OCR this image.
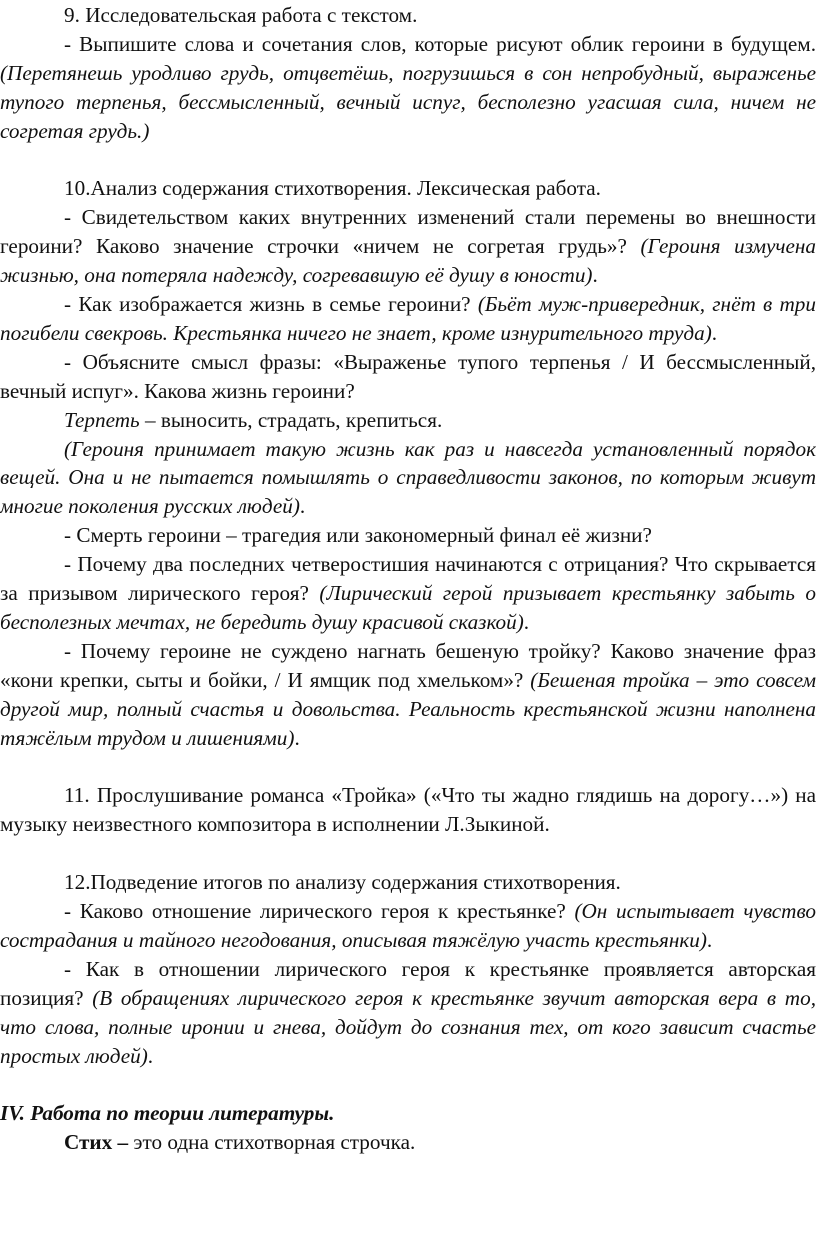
9. Исследовательская работа с текстом.

- Выпишите слова и сочетания слов, которые рисуют облик героини в будущем. (Перетянешь уродливо грудь, отцветёшь, погрузишься в сон непробудный, выраженье тупого терпенья, бессмысленный, вечный испуг, бесполезно угасшая сила, ничем не согретая грудь.)

10.Анализ содержания стихотворения. Лексическая работа.

- Свидетельством каких внутренних изменений стали перемены во внешности героини? Каково значение строчки «ничем не согретая грудь»? (Героиня измучена жизнью, она потеряла надежду, согревавшую её душу в юности).

- Как изображается жизнь в семье героини? (Бьёт муж-привередник, гнёт в три погибели свекровь. Крестьянка ничего не знает, кроме изнурительного труда).

- Объясните смысл фразы: «Выраженье тупого терпенья / И бессмысленный, вечный испуг». Какова жизнь героини?

Терпеть – выносить, страдать, крепиться.

(Героиня принимает такую жизнь как раз и навсегда установленный порядок вещей. Она и не пытается помышлять о справедливости законов, по которым живут многие поколения русских людей).

- Смерть героини – трагедия или закономерный финал её жизни?

- Почему два последних четверостишия начинаются с отрицания? Что скрывается за призывом лирического героя? (Лирический герой призывает крестьянку забыть о бесполезных мечтах, не бередить душу красивой сказкой).

- Почему героине не суждено нагнать бешеную тройку? Каково значение фраз «кони крепки, сыты и бойки, / И ямщик под хмельком»? (Бешеная тройка – это совсем другой мир, полный счастья и довольства. Реальность крестьянской жизни наполнена тяжёлым трудом и лишениями).

11. Прослушивание романса «Тройка» («Что ты жадно глядишь на дорогу…») на музыку неизвестного композитора в исполнении Л.Зыкиной.

12.Подведение итогов по анализу содержания стихотворения.

- Каково отношение лирического героя к крестьянке? (Он испытывает чувство сострадания и тайного негодования, описывая тяжёлую участь крестьянки).

- Как в отношении лирического героя к крестьянке проявляется авторская позиция? (В обращениях лирического героя к крестьянке звучит авторская вера в то, что слова, полные иронии и гнева, дойдут до сознания тех, от кого зависит счастье простых людей).

IV. Работа по теории литературы.

Стих – это одна стихотворная строчка.
